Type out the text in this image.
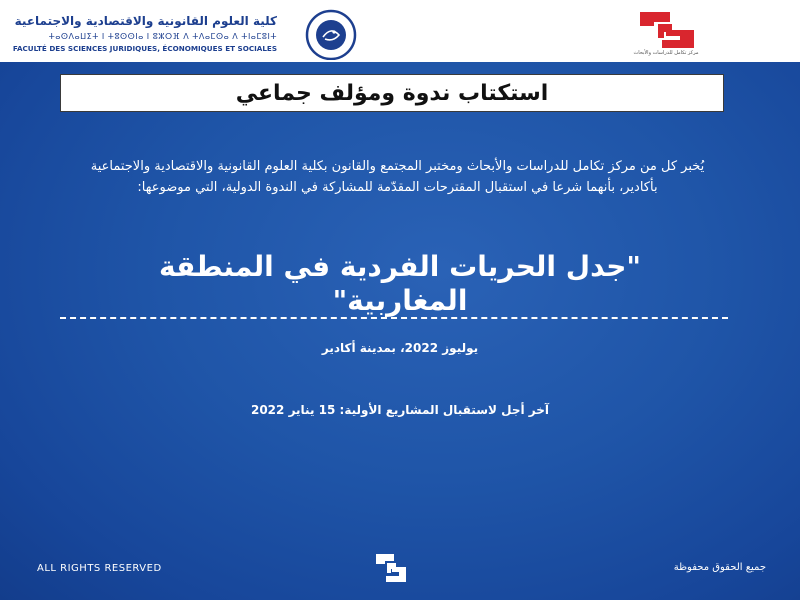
كلية العلوم القانونية والاقتصادية والاجتماعية
ⵜⴰⵙⴷⴰⵡⵉⵜ ⵏ ⵜⵓⵙⵙⵏⴰ ⵏ ⵓⵣⵔⴼ ⴷ ⵜⴷⴰⵎⵙⴰ ⴷ ⵜⵏⴰⵎⵓⵏⵜ
FACULTÉ DES SCIENCES JURIDIQUES, ÉCONOMIQUES ET SOCIALES	مركز تكامل للدراسات والأبحاث
استكتاب ندوة ومؤلف جماعي
يُخبر كل من مركز تكامل للدراسات والأبحاث ومختبر المجتمع والقانون بكلية العلوم القانونية والاقتصادية والاجتماعية بأكادير، بأنهما شرعا في استقبال المقترحات المقدّمة للمشاركة في الندوة الدولية، التي موضوعها:
"جدل الحريات الفردية في المنطقة
المغاربية"
يوليوز 2022، بمدينة أكادير
آخر أجل لاستقبال المشاريع الأولية: 15 يناير 2022
ALL RIGHTS RESERVED	جميع الحقوق محفوظة
